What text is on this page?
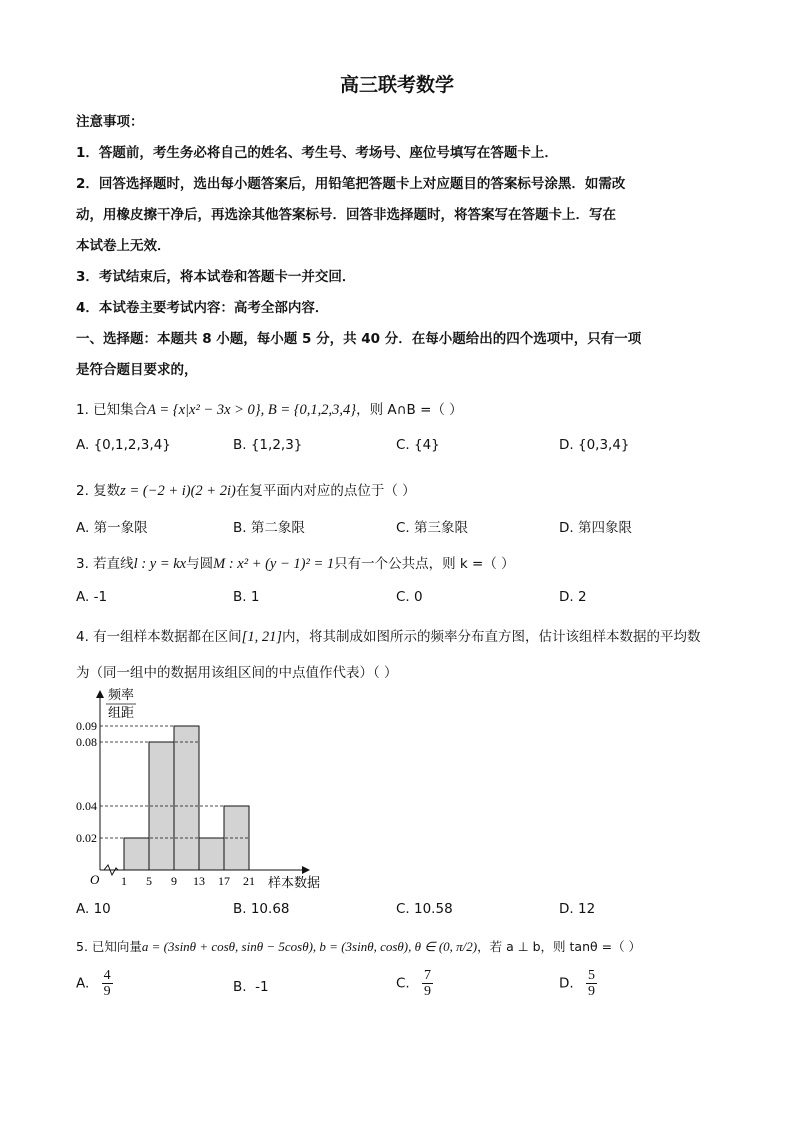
高三联考数学
注意事项：
1．答题前，考生务必将自己的姓名、考生号、考场号、座位号填写在答题卡上．
2．回答选择题时，选出每小题答案后，用铅笔把答题卡上对应题目的答案标号涂黑．如需改
动，用橡皮擦干净后，再选涂其他答案标号．回答非选择题时，将答案写在答题卡上．写在
本试卷上无效．
3．考试结束后，将本试卷和答题卡一并交回．
4．本试卷主要考试内容：高考全部内容．
一、选择题：本题共 8 小题，每小题 5 分，共 40 分．在每小题给出的四个选项中，只有一项
是符合题目要求的，
1. 已知集合A = {x|x² − 3x > 0}, B = {0,1,2,3,4}，则 A∩B =（ ）
A. {0,1,2,3,4}	B. {1,2,3}	C. {4}	D. {0,3,4}
2. 复数z = (−2 + i)(2 + 2i)在复平面内对应的点位于（ ）
A. 第一象限	B. 第二象限	C. 第三象限	D. 第四象限
3. 若直线l : y = kx与圆M : x² + (y − 1)² = 1只有一个公共点，则 k =（ ）
A. -1	B. 1	C. 0	D. 2
4. 有一组样本数据都在区间[1, 21]内，将其制成如图所示的频率分布直方图，估计该组样本数据的平均数
为（同一组中的数据用该组区间的中点值作代表）（ ）
0.02
0.04
0.08
0.09
1 5 9 13 17 21
频率
组距
样本数据
O
A. 10	B. 10.68	C. 10.58	D. 12
5. 已知向量a = (3sinθ + cosθ, sinθ − 5cosθ), b = (3sinθ, cosθ), θ ∈ (0, π/2)，若 a ⊥ b，则 tanθ =（ ）
A. $\frac{4}{9}$	B. -1	C. $\frac{7}{9}$	D. $\frac{5}{9}$
